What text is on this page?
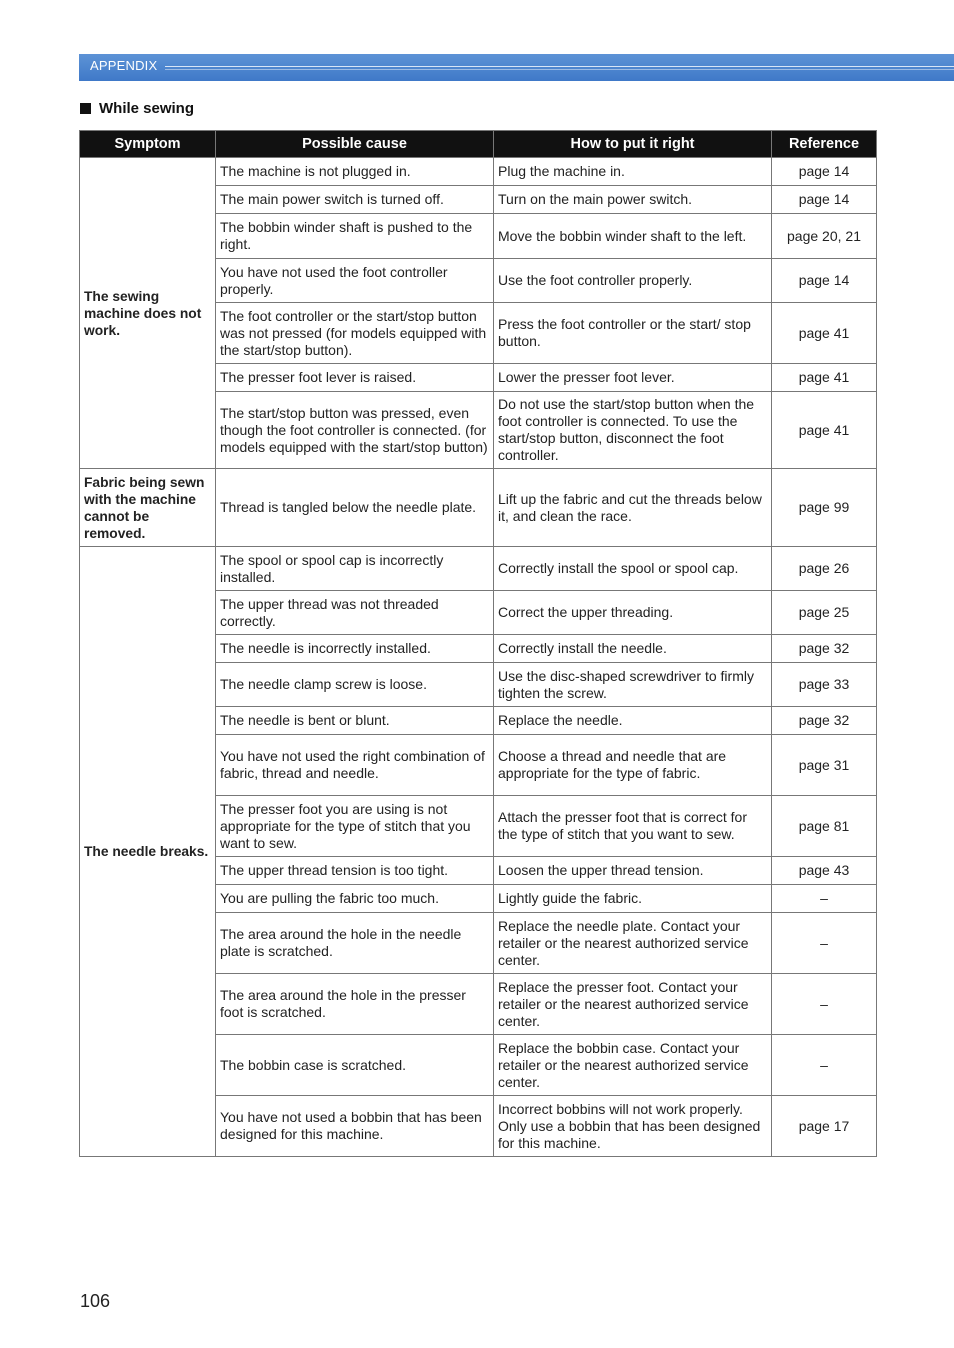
APPENDIX
While sewing
Symptom	Possible cause	How to put it right	Reference
The sewing machine does not work.	The machine is not plugged in.	Plug the machine in.	page 14
	The main power switch is turned off.	Turn on the main power switch.	page 14
	The bobbin winder shaft is pushed to the right.	Move the bobbin winder shaft to the left.	page 20, 21
	You have not used the foot controller properly.	Use the foot controller properly.	page 14
	The foot controller or the start/stop button was not pressed (for models equipped with the start/stop button).	Press the foot controller or the start/ stop button.	page 41
	The presser foot lever is raised.	Lower the presser foot lever.	page 41
	The start/stop button was pressed, even though the foot controller is connected. (for models equipped with the start/stop button)	Do not use the start/stop button when the foot controller is connected. To use the start/stop button, disconnect the foot controller.	page 41
Fabric being sewn with the machine cannot be removed.	Thread is tangled below the needle plate.	Lift up the fabric and cut the threads below it, and clean the race.	page 99
The needle breaks.	The spool or spool cap is incorrectly installed.	Correctly install the spool or spool cap.	page 26
	The upper thread was not threaded correctly.	Correct the upper threading.	page 25
	The needle is incorrectly installed.	Correctly install the needle.	page 32
	The needle clamp screw is loose.	Use the disc-shaped screwdriver to firmly tighten the screw.	page 33
	The needle is bent or blunt.	Replace the needle.	page 32
	You have not used the right combination of fabric, thread and needle.	Choose a thread and needle that are appropriate for the type of fabric.	page 31
	The presser foot you are using is not appropriate for the type of stitch that you want to sew.	Attach the presser foot that is correct for the type of stitch that you want to sew.	page 81
	The upper thread tension is too tight.	Loosen the upper thread tension.	page 43
	You are pulling the fabric too much.	Lightly guide the fabric.	–
	The area around the hole in the needle plate is scratched.	Replace the needle plate. Contact your retailer or the nearest authorized service center.	–
	The area around the hole in the presser foot is scratched.	Replace the presser foot. Contact your retailer or the nearest authorized service center.	–
	The bobbin case is scratched.	Replace the bobbin case. Contact your retailer or the nearest authorized service center.	–
	You have not used a bobbin that has been designed for this machine.	Incorrect bobbins will not work properly. Only use a bobbin that has been designed for this machine.	page 17
106
